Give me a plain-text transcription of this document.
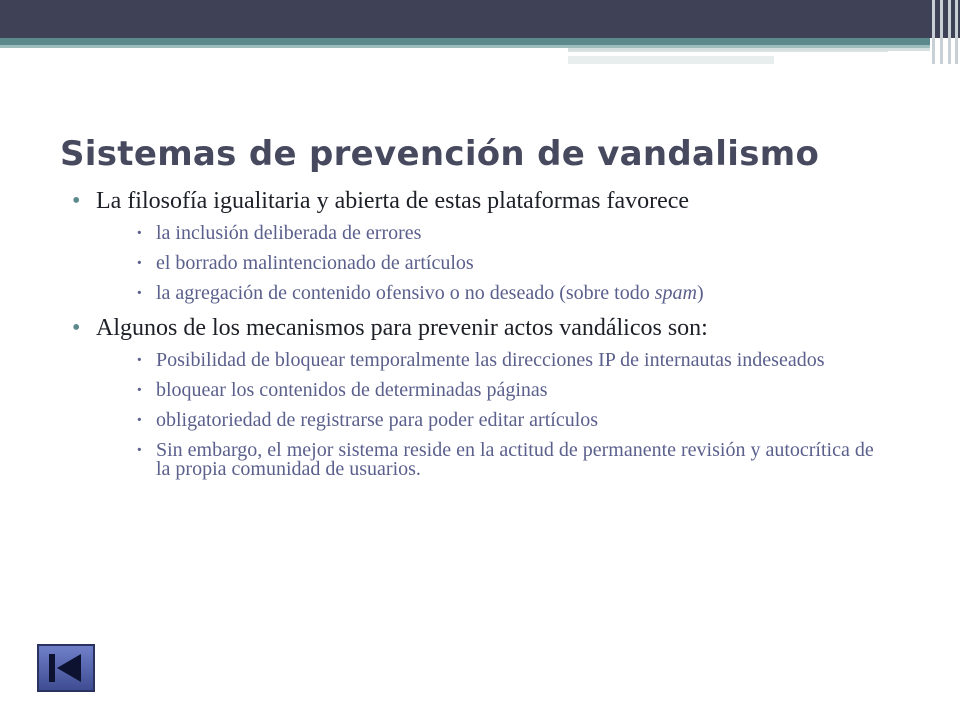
Sistemas de prevención de vandalismo
• La filosofía igualitaria y abierta de estas plataformas favorece
· la inclusión deliberada de errores
· el borrado malintencionado de artículos
· la agregación de contenido ofensivo o no deseado (sobre todo spam)
• Algunos de los mecanismos para prevenir actos vandálicos son:
· Posibilidad de bloquear temporalmente las direcciones IP de internautas indeseados
· bloquear los contenidos de determinadas páginas
· obligatoriedad de registrarse para poder editar artículos
· Sin embargo, el mejor sistema reside en la actitud de permanente revisión y autocrítica de la propia comunidad de usuarios.
